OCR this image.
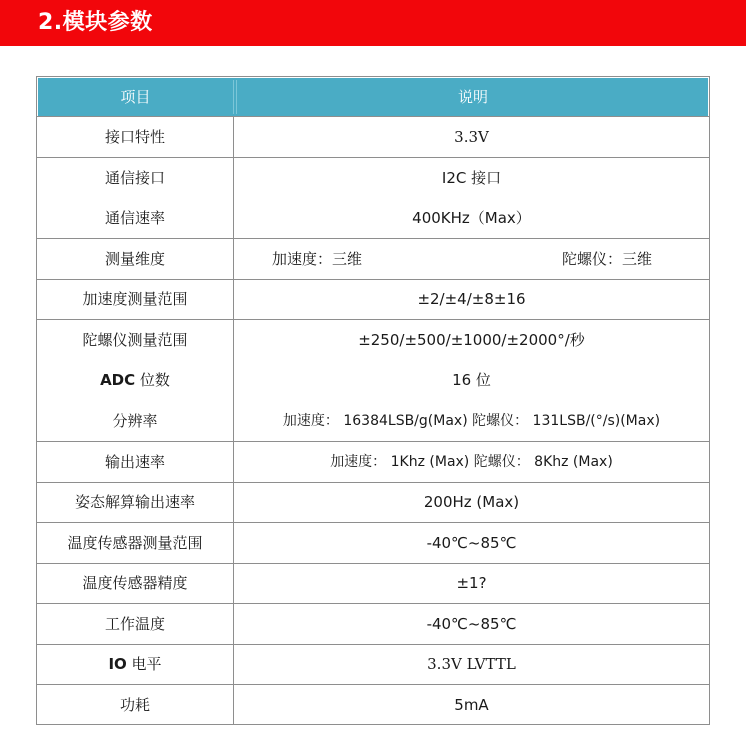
2.模块参数
项目	说明
接口特性	3.3V
通信接口	I2C 接口
通信速率	400KHz（Max）
测量维度	加速度：三维	陀螺仪：三维
加速度测量范围	±2/±4/±8±16
陀螺仪测量范围	±250/±500/±1000/±2000°/秒
ADC 位数	16 位
分辨率	加速度： 16384LSB/g(Max) 陀螺仪： 131LSB/(°/s)(Max)
输出速率	加速度： 1Khz (Max) 陀螺仪： 8Khz (Max)
姿态解算输出速率	200Hz (Max)
温度传感器测量范围	-40℃~85℃
温度传感器精度	±1?
工作温度	-40℃~85℃
IO 电平	3.3V LVTTL
功耗	5mA
